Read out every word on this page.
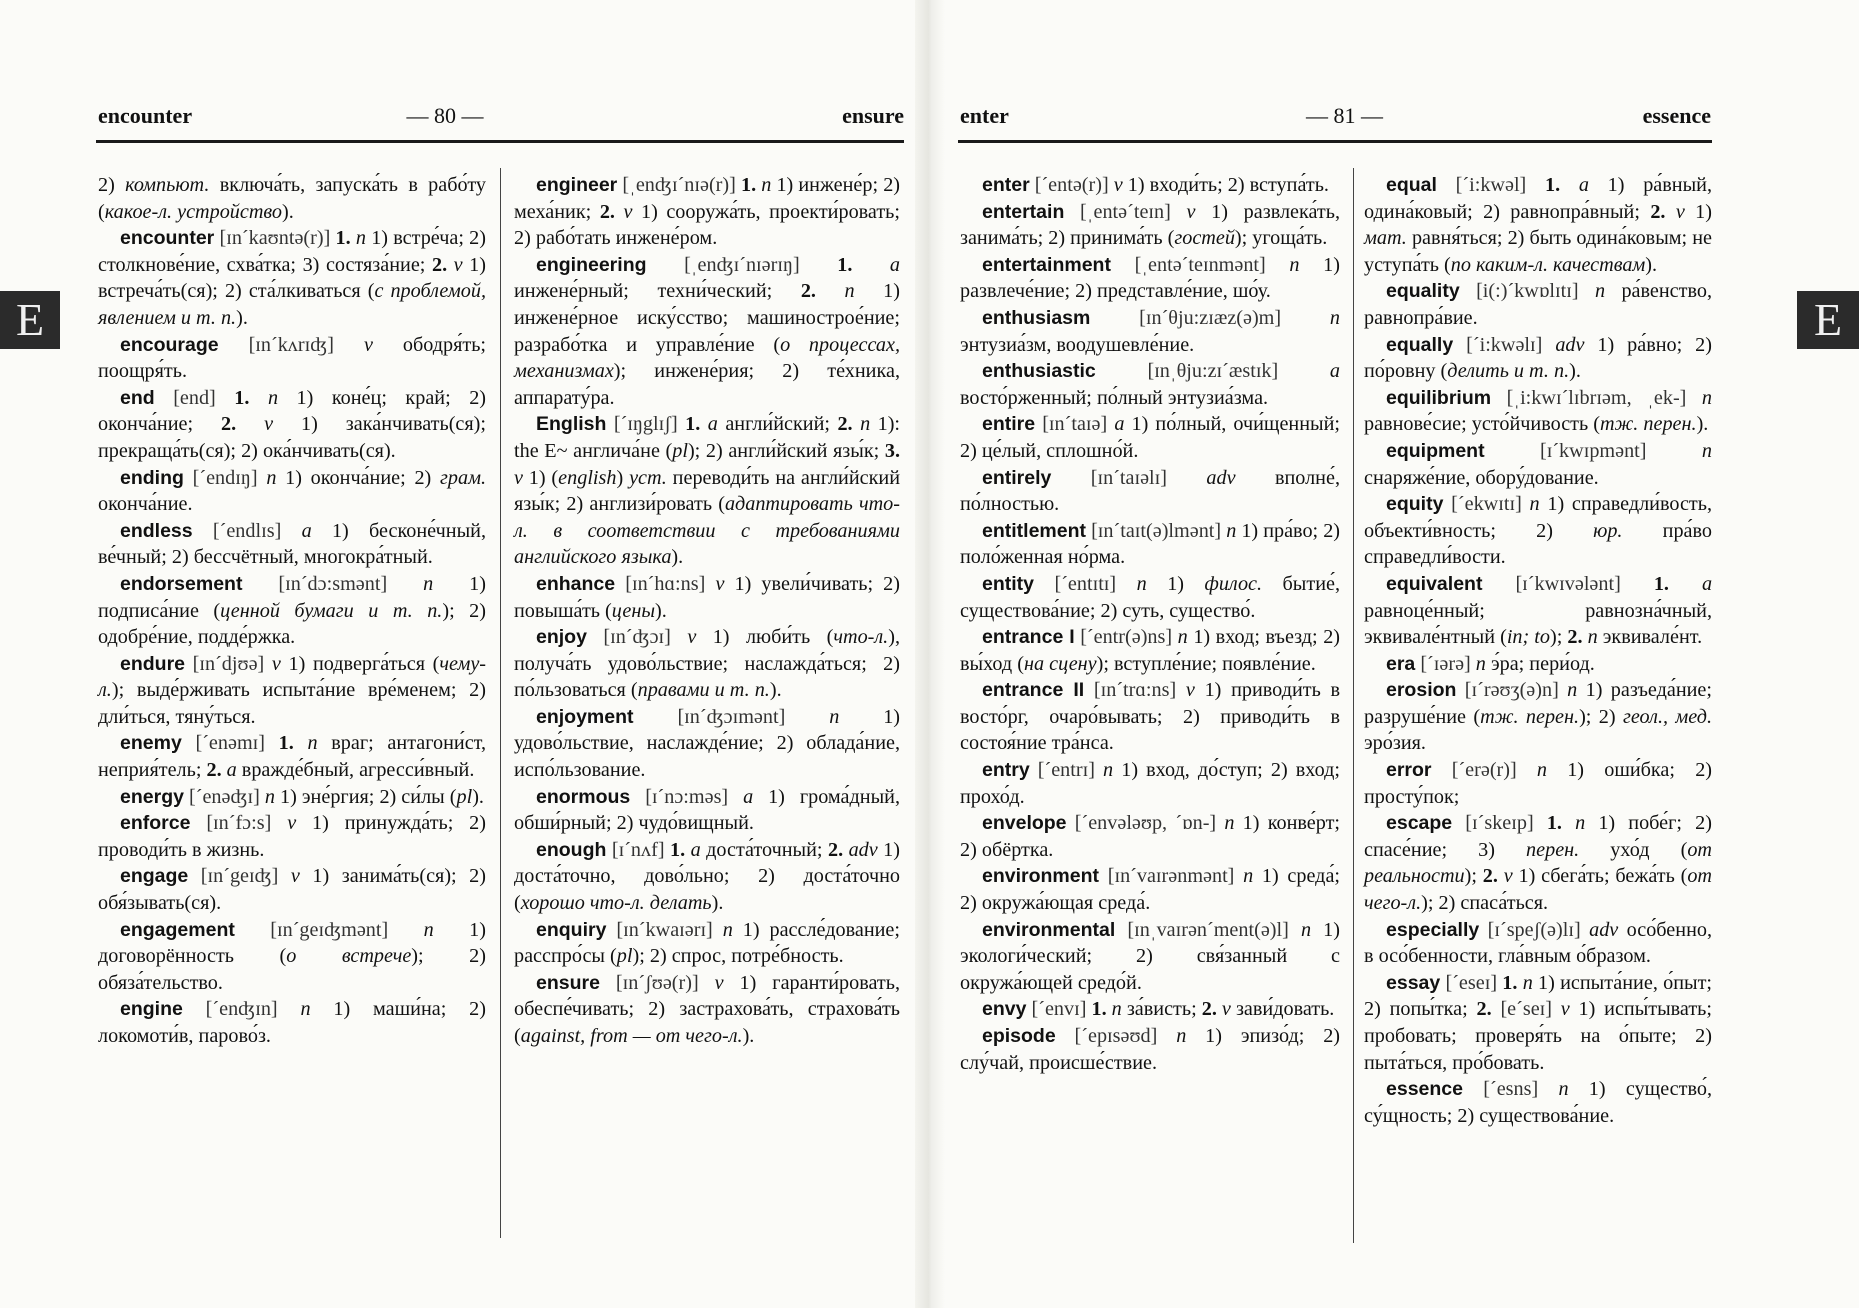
encounter	— 80 —	ensure
E
2) компьют. включа́ть, запуска́ть в рабо́ту (какое-л. устройство).
encounter [ɪn´kaʊntə(r)] 1. n 1) встре́ча; 2) столкнове́ние, схва́тка; 3) состяза́ние; 2. v 1) встреча́ть(ся); 2) ста́лкиваться (с проблемой, явлением и т. п.).
encourage [ɪn´kʌrɪʤ] v ободря́ть; поощря́ть.
end [end] 1. n 1) коне́ц; край; 2) оконча́ние; 2. v 1) зака́нчивать(ся); прекраща́ть(ся); 2) ока́нчивать(ся).
ending [´endɪŋ] n 1) оконча́ние; 2) грам. оконча́ние.
endless [´endlɪs] a 1) бесконе́чный, ве́чный; 2) бессчётный, многокра́тный.
endorsement [ɪn´dɔ:smənt] n 1) подписа́ние (ценной бумаги и т. п.); 2) одобре́ние, подде́ржка.
endure [ɪn´djʊə] v 1) подверга́ться (чему-л.); выде́рживать испыта́ние вре́менем; 2) дли́ться, тяну́ться.
enemy [´enəmɪ] 1. n враг; антагони́ст, неприя́тель; 2. a вражде́бный, агресси́вный.
energy [´enəʤɪ] n 1) эне́ргия; 2) си́лы (pl).
enforce [ɪn´fɔ:s] v 1) принужда́ть; 2) проводи́ть в жизнь.
engage [ɪn´geɪʤ] v 1) занима́ть(ся); 2) обя́зывать(ся).
engagement [ɪn´geɪʤmənt] n 1) договорённость (о встрече); 2) обяза́тельство.
engine [´enʤɪn] n 1) маши́на; 2) локомоти́в, парово́з.
engineer [ˌenʤɪ´nɪə(r)] 1. n 1) инжене́р; 2) меха́ник; 2. v 1) сооружа́ть, проекти́ровать; 2) рабо́тать инжене́ром.
engineering [ˌenʤɪ´nɪərɪŋ] 1. a инжене́рный; техни́ческий; 2. n 1) инжене́рное иску́сство; машинострое́ние; разрабо́тка и управле́ние (о процессах, механизмах); инжене́рия; 2) те́хника, аппарату́ра.
English [´ɪŋglɪʃ] 1. a англи́йский; 2. n 1): the E~ англича́не (pl); 2) англи́йский язы́к; 3. v 1) (english) уст. переводи́ть на англи́йский язы́к; 2) англизи́ровать (адаптировать что-л. в соответствии с требованиями английского языка).
enhance [ɪn´hɑ:ns] v 1) увели́чивать; 2) повыша́ть (цены).
enjoy [ɪn´ʤɔɪ] v 1) люби́ть (что-л.), получа́ть удово́льствие; наслажда́ться; 2) по́льзоваться (правами и т. п.).
enjoyment [ɪn´ʤɔɪmənt] n 1) удово́льствие, наслажде́ние; 2) облада́ние, испо́льзование.
enormous [ɪ´nɔ:məs] a 1) грома́дный, обши́рный; 2) чудо́вищный.
enough [ɪ´nʌf] 1. a доста́точный; 2. adv 1) доста́точно, дово́льно; 2) доста́точно (хорошо что-л. делать).
enquiry [ɪn´kwaɪərɪ] n 1) рассле́дование; расспро́сы (pl); 2) спрос, потре́бность.
ensure [ɪn´ʃʊə(r)] v 1) гаранти́ровать, обеспе́чивать; 2) застрахова́ть, страхова́ть (against, from — от чего-л.).
enter	— 81 —	essence
E
enter [´entə(r)] v 1) входи́ть; 2) вступа́ть.
entertain [ˌentə´teɪn] v 1) развлека́ть, занима́ть; 2) принима́ть (гостей); угоща́ть.
entertainment [ˌentə´teɪnmənt] n 1) развлече́ние; 2) представле́ние, шо́у.
enthusiasm [ɪn´θju:zɪæz(ə)m] n энтузиа́зм, воодушевле́ние.
enthusiastic	[ɪnˌθju:zɪ´æstɪk]	a восто́рженный; по́лный энтузиа́зма.
entire [ɪn´taɪə] a 1) по́лный, очи́щенный; 2) це́лый, сплошно́й.
entirely [ɪn´taɪəlɪ] adv вполне́, по́лностью.
entitlement [ɪn´taɪt(ə)lmənt] n 1) пра́во; 2) поло́женная но́рма.
entity [´entɪtɪ] n 1) филос. бытие́, существова́ние; 2) суть, существо́.
entrance I [´entr(ə)ns] n 1) вход; въезд; 2) вы́ход (на сцену); вступле́ние; появле́ние.
entrance II [ɪn´trɑ:ns] v 1) приводи́ть в восто́рг, очаро́вывать; 2) приводи́ть в состоя́ние тра́нса.
entry [´entrɪ] n 1) вход, до́ступ; 2) вход; прохо́д.
envelope [´envələʊp, ´ɒn-] n 1) конве́рт; 2) обёртка.
environment [ɪn´vaɪrənmənt] n 1) среда́; 2) окружа́ющая среда́.
environmental [ɪnˌvaɪrən´ment(ə)l] n 1) экологи́ческий; 2) свя́занный с окружа́ющей средо́й.
envy [´envɪ] 1. n за́висть; 2. v зави́довать.
episode [´epɪsəʊd] n 1) эпизо́д; 2) слу́чай, происше́ствие.
equal [´i:kwəl] 1. a 1) ра́вный, одина́ковый; 2) равнопра́вный; 2. v 1) мат. равня́ться; 2) быть одина́ковым; не уступа́ть (по каким-л. качествам).
equality [i(:)´kwɒlɪtɪ] n ра́венство, равнопра́вие.
equally [´i:kwəlɪ] adv 1) ра́вно; 2) по́ровну (делить и т. п.).
equilibrium [ˌi:kwɪ´lɪbrɪəm, ˌek-] n равнове́сие; усто́йчивость (тж. перен.).
equipment	[ɪ´kwɪpmənt]	n снаряже́ние, обору́дование.
equity [´ekwɪtɪ] n 1) справедли́вость, объекти́вность; 2) юр. пра́во справедли́вости.
equivalent [ɪ´kwɪvələnt] 1. a равноце́нный; равнозна́чный, эквивале́нтный (in; to); 2. n эквивале́нт.
era [´ɪərə] n э́ра; пери́од.
erosion [ɪ´rəʊʒ(ə)n] n 1) разъеда́ние; разруше́ние (тж. перен.); 2) геол., мед. эро́зия.
error [´erə(r)] n 1) оши́бка; 2) просту́пок;
escape [ɪ´skeɪp] 1. n 1) побе́г; 2) спасе́ние; 3) перен. ухо́д (от реальности); 2. v 1) сбега́ть; бежа́ть (от чего-л.); 2) спаса́ться.
especially [ɪ´speʃ(ə)lɪ] adv осо́бенно, в осо́бенности, гла́вным о́бразом.
essay [´eseɪ] 1. n 1) испыта́ние, о́пыт; 2) попы́тка; 2. [e´seɪ] v 1) испы́тывать; пробовать; проверя́ть на о́пыте; 2) пыта́ться, про́бовать.
essence [´esns] n 1) существо́, су́щность; 2) существова́ние.
